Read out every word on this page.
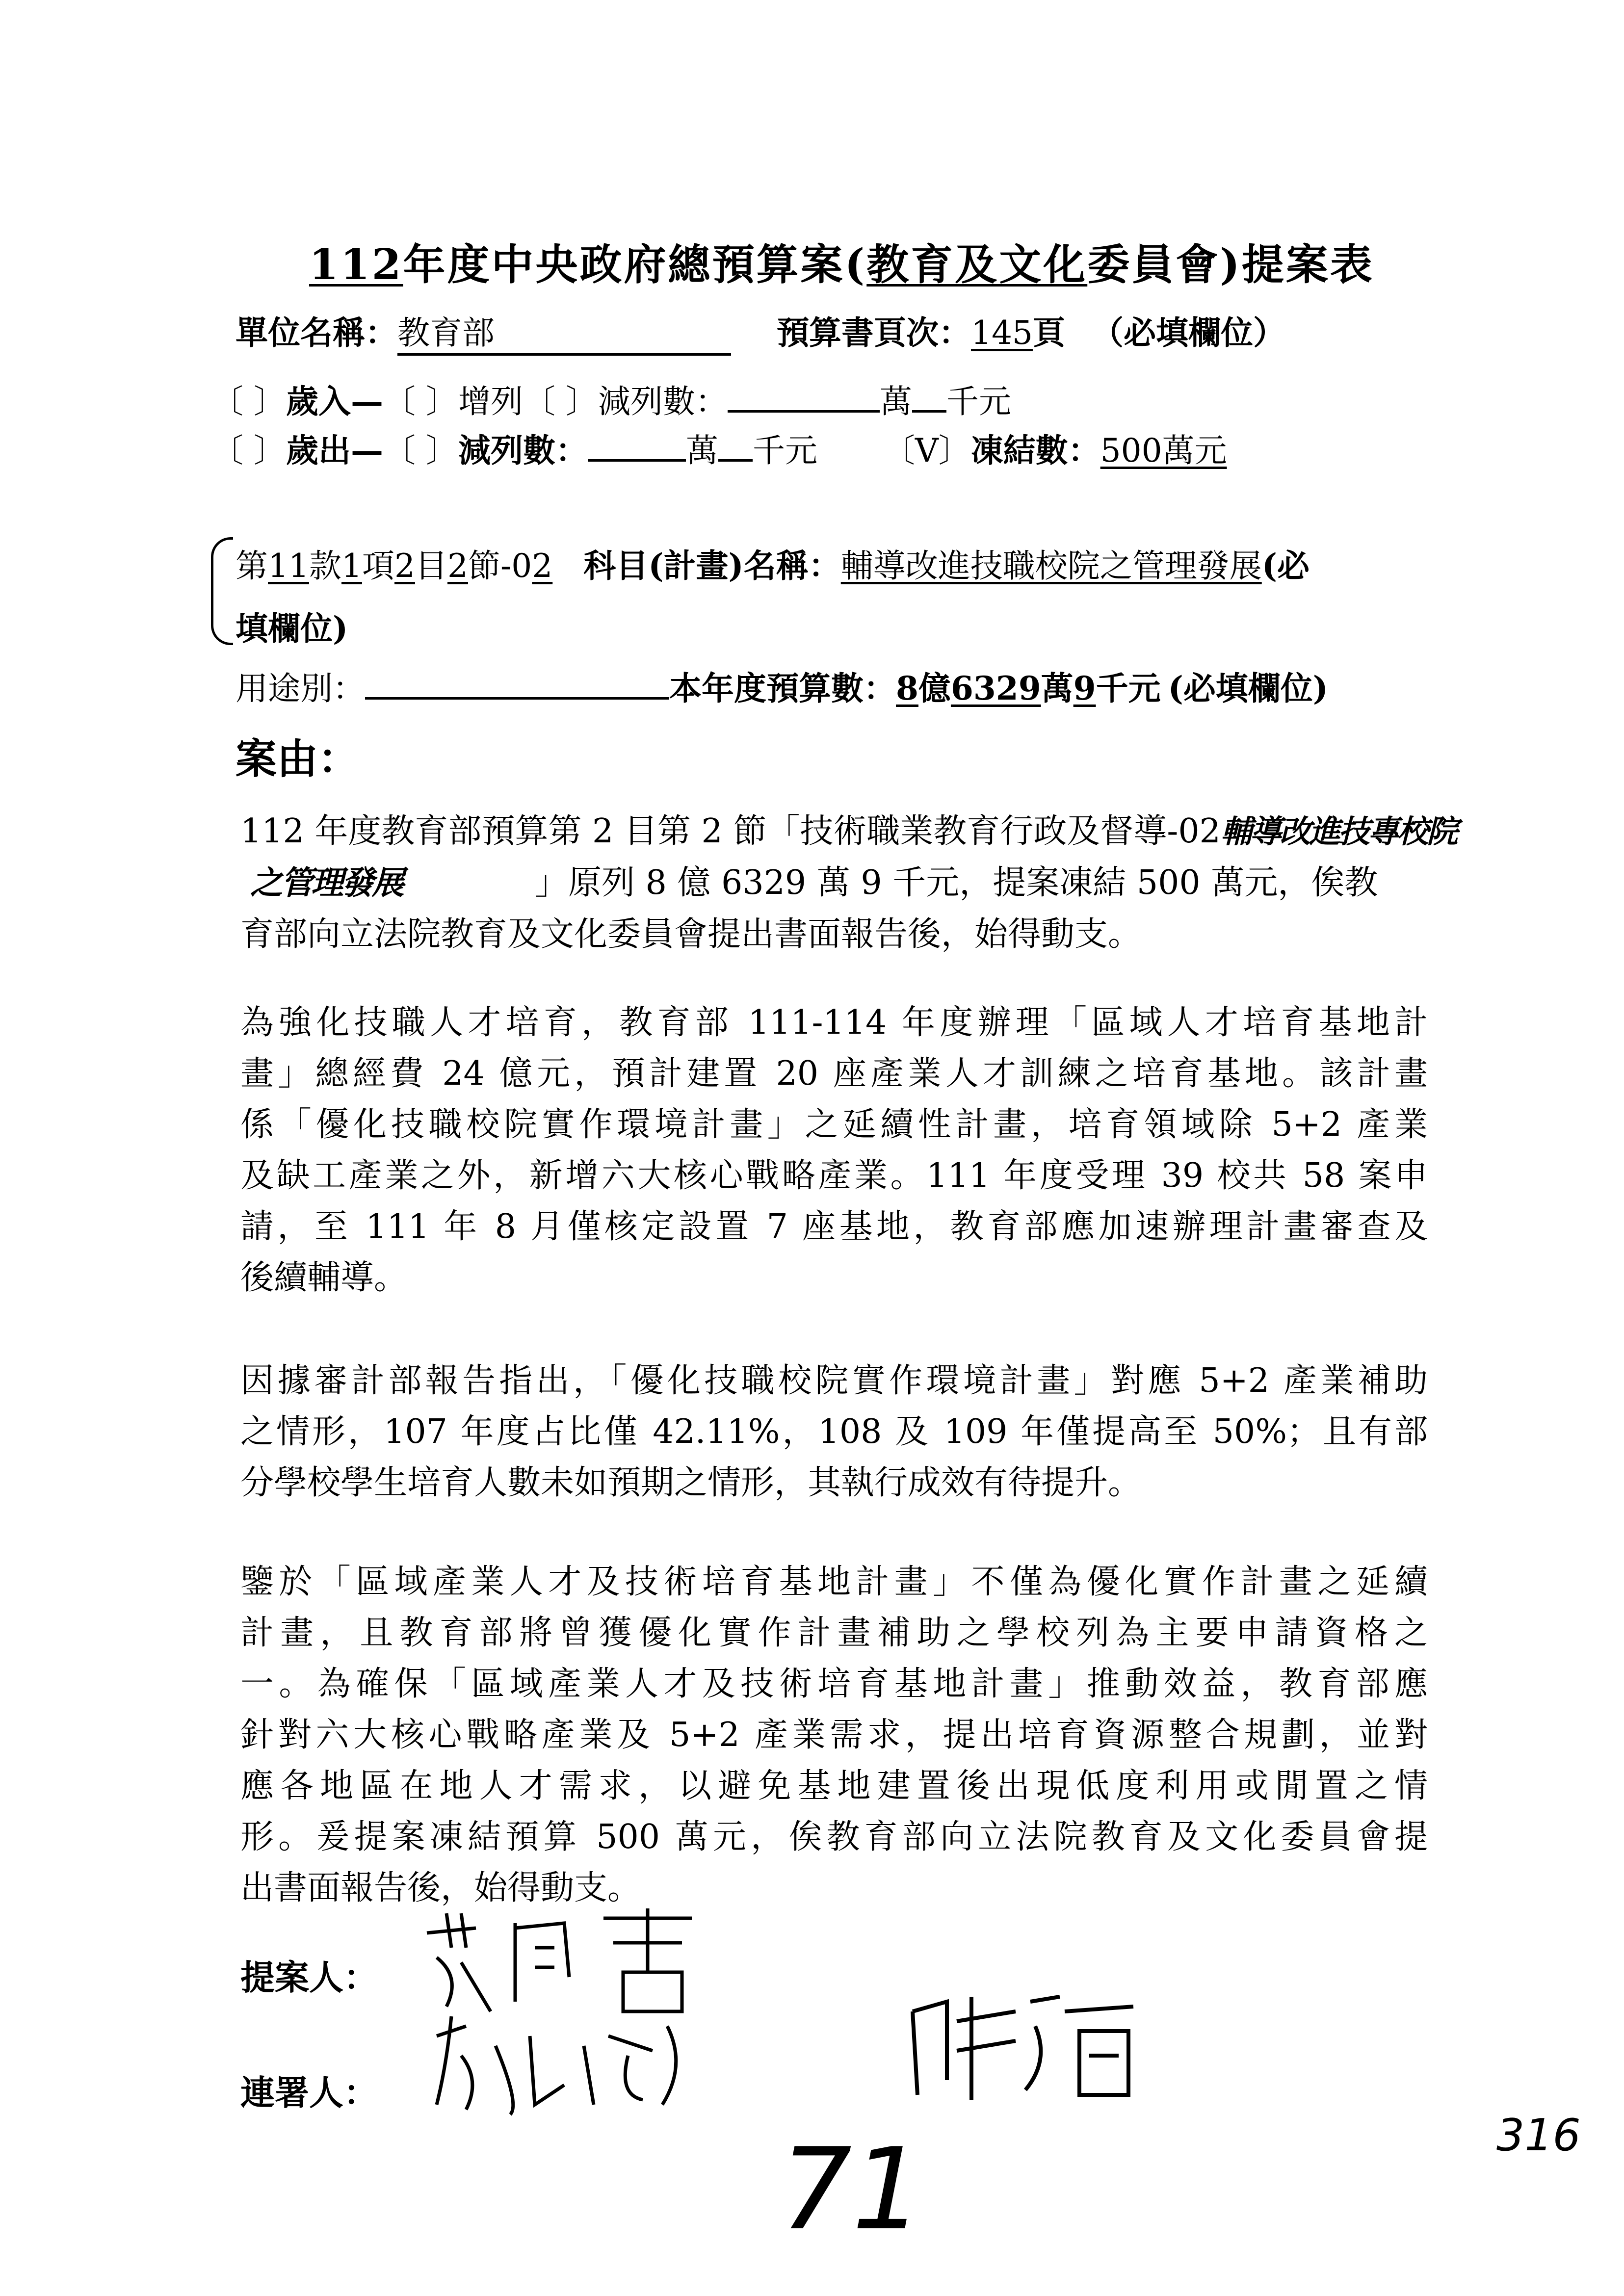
112年度中央政府總預算案(教育及文化委員會)提案表
單位名稱：教育部	預算書頁次：145頁 （必填欄位）
〔 〕歲入—〔 〕增列〔 〕減列數：	萬 千元
〔 〕歲出—〔 〕減列數：	萬 千元 〔V〕凍結數：500萬元
第11款1項2目2節-02 科目(計畫)名稱：輔導改進技職校院之管理發展(必
填欄位)
用途別：	本年度預算數：8億6329萬9千元 (必填欄位)
案由：
112 年度教育部預算第 2 目第 2 節「技術職業教育行政及督導-02輔導改進技專校院
之管理發展	」原列 8 億 6329 萬 9 千元，提案凍結 500 萬元，俟教
育部向立法院教育及文化委員會提出書面報告後，始得動支。
為強化技職人才培育，教育部 111-114 年度辦理「區域人才培育基地計
畫」總經費 24 億元，預計建置 20 座產業人才訓練之培育基地。該計畫
係「優化技職校院實作環境計畫」之延續性計畫，培育領域除 5+2 產業
及缺工產業之外，新增六大核心戰略產業。111 年度受理 39 校共 58 案申
請，至 111 年 8 月僅核定設置 7 座基地，教育部應加速辦理計畫審查及
後續輔導。
因據審計部報告指出，「優化技職校院實作環境計畫」對應 5+2 產業補助
之情形，107 年度占比僅 42.11%，108 及 109 年僅提高至 50%；且有部
分學校學生培育人數未如預期之情形，其執行成效有待提升。
鑒於「區域產業人才及技術培育基地計畫」不僅為優化實作計畫之延續
計畫，且教育部將曾獲優化實作計畫補助之學校列為主要申請資格之
一。為確保「區域產業人才及技術培育基地計畫」推動效益，教育部應
針對六大核心戰略產業及 5+2 產業需求，提出培育資源整合規劃，並對
應各地區在地人才需求，以避免基地建置後出現低度利用或閒置之情
形。爰提案凍結預算 500 萬元，俟教育部向立法院教育及文化委員會提
出書面報告後，始得動支。
提案人：
連署人：
71	316
